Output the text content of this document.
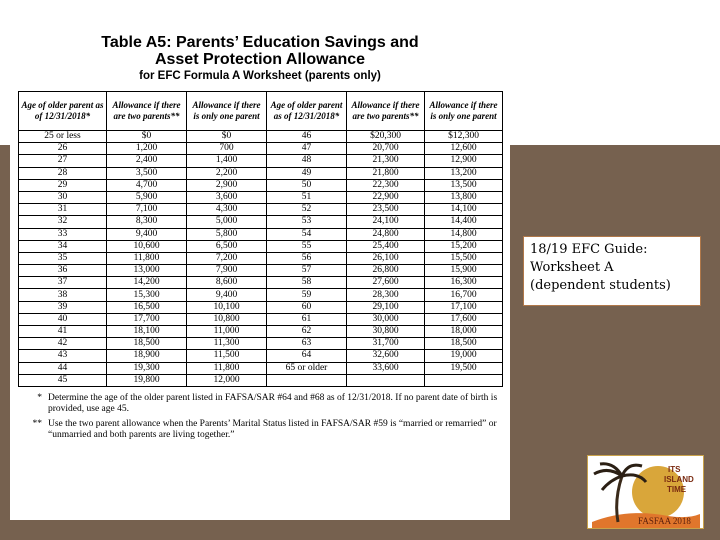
Table A5: Parents’ Education Savings and
Asset Protection Allowance
for EFC Formula A Worksheet (parents only)
Age of older parent as of 12/31/2018*	Allowance if there are two parents**	Allowance if there is only one parent	Age of older parent as of 12/31/2018*	Allowance if there are two parents**	Allowance if there is only one parent
25 or less	$0	$0	46	$20,300	$12,300
26	1,200	700	47	20,700	12,600
27	2,400	1,400	48	21,300	12,900
28	3,500	2,200	49	21,800	13,200
29	4,700	2,900	50	22,300	13,500
30	5,900	3,600	51	22,900	13,800
31	7,100	4,300	52	23,500	14,100
32	8,300	5,000	53	24,100	14,400
33	9,400	5,800	54	24,800	14,800
34	10,600	6,500	55	25,400	15,200
35	11,800	7,200	56	26,100	15,500
36	13,000	7,900	57	26,800	15,900
37	14,200	8,600	58	27,600	16,300
38	15,300	9,400	59	28,300	16,700
39	16,500	10,100	60	29,100	17,100
40	17,700	10,800	61	30,000	17,600
41	18,100	11,000	62	30,800	18,000
42	18,500	11,300	63	31,700	18,500
43	18,900	11,500	64	32,600	19,000
44	19,300	11,800	65 or older	33,600	19,500
45	19,800	12,000			
* Determine the age of the older parent listed in FAFSA/SAR #64 and #68 as of 12/31/2018. If no parent date of birth is provided, use age 45.
** Use the two parent allowance when the Parents’ Marital Status listed in FAFSA/SAR #59 is “married or remarried” or “unmarried and both parents are living together.”
18/19 EFC Guide:
Worksheet A
(dependent students)
ITS
ISLAND
TIME
FASFAA 2018
